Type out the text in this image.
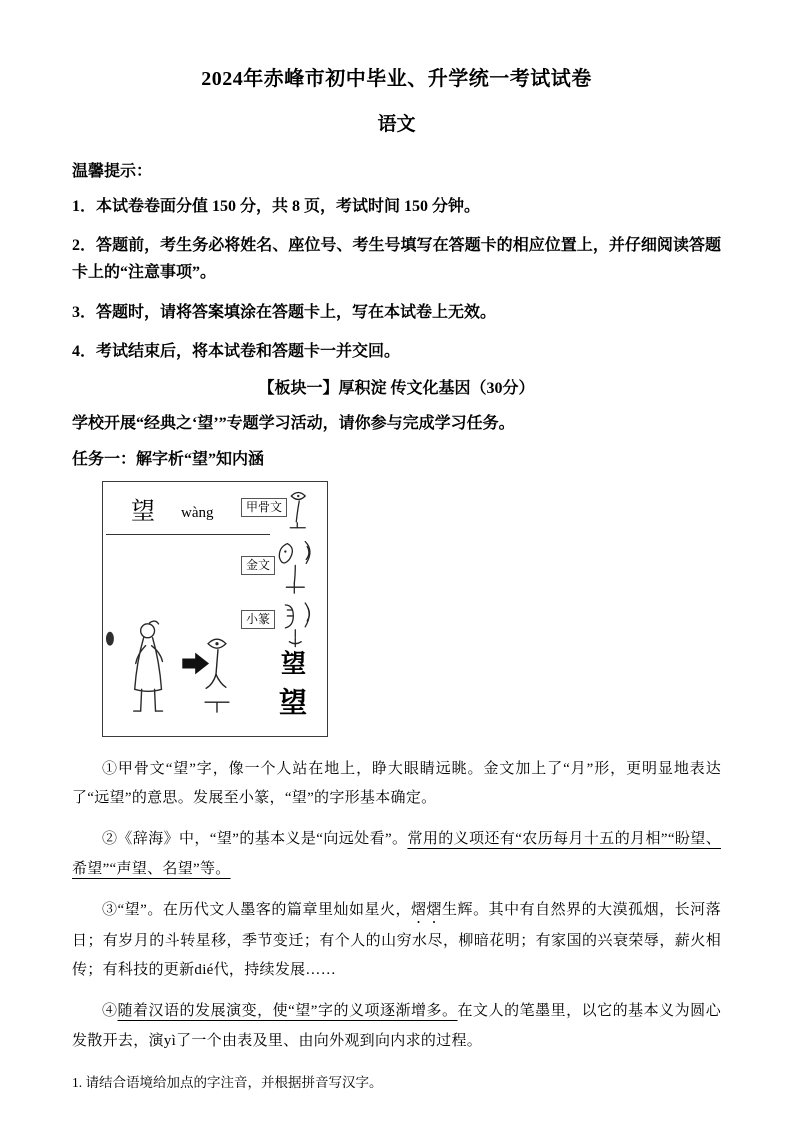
2024年赤峰市初中毕业、升学统一考试试卷
语文
温馨提示：
1．本试卷卷面分值 150 分，共 8 页，考试时间 150 分钟。
2．答题前，考生务必将姓名、座位号、考生号填写在答题卡的相应位置上，并仔细阅读答题卡上的“注意事项”。
3．答题时，请将答案填涂在答题卡上，写在本试卷上无效。
4．考试结束后，将本试卷和答题卡一并交回。
【板块一】厚积淀 传文化基因（30分）
学校开展“经典之‘望’”专题学习活动，请你参与完成学习任务。
任务一：解字析“望”知内涵
望 wàng	甲骨文
金文
小篆
望
望

①甲骨文“望”字，像一个人站在地上，睁大眼睛远眺。金文加上了“月”形，更明显地表达了“远望”的意思。发展至小篆，“望”的字形基本确定。

②《辞海》中，“望”的基本义是“向远处看”。常用的义项还有“农历每月十五的月相”“盼望、希望”“声望、名望”等。

③“望”。在历代文人墨客的篇章里灿如星火，熠熠生辉。其中有自然界的大漠孤烟，长河落日；有岁月的斗转星移，季节变迁；有个人的山穷水尽，柳暗花明；有家国的兴衰荣辱，薪火相传；有科技的更新dié代，持续发展……

④随着汉语的发展演变，使“望”字的义项逐渐增多。在文人的笔墨里，以它的基本义为圆心发散开去，演yì了一个由表及里、由向外观到向内求的过程。

1. 请结合语境给加点的字注音，并根据拼音写汉字。
